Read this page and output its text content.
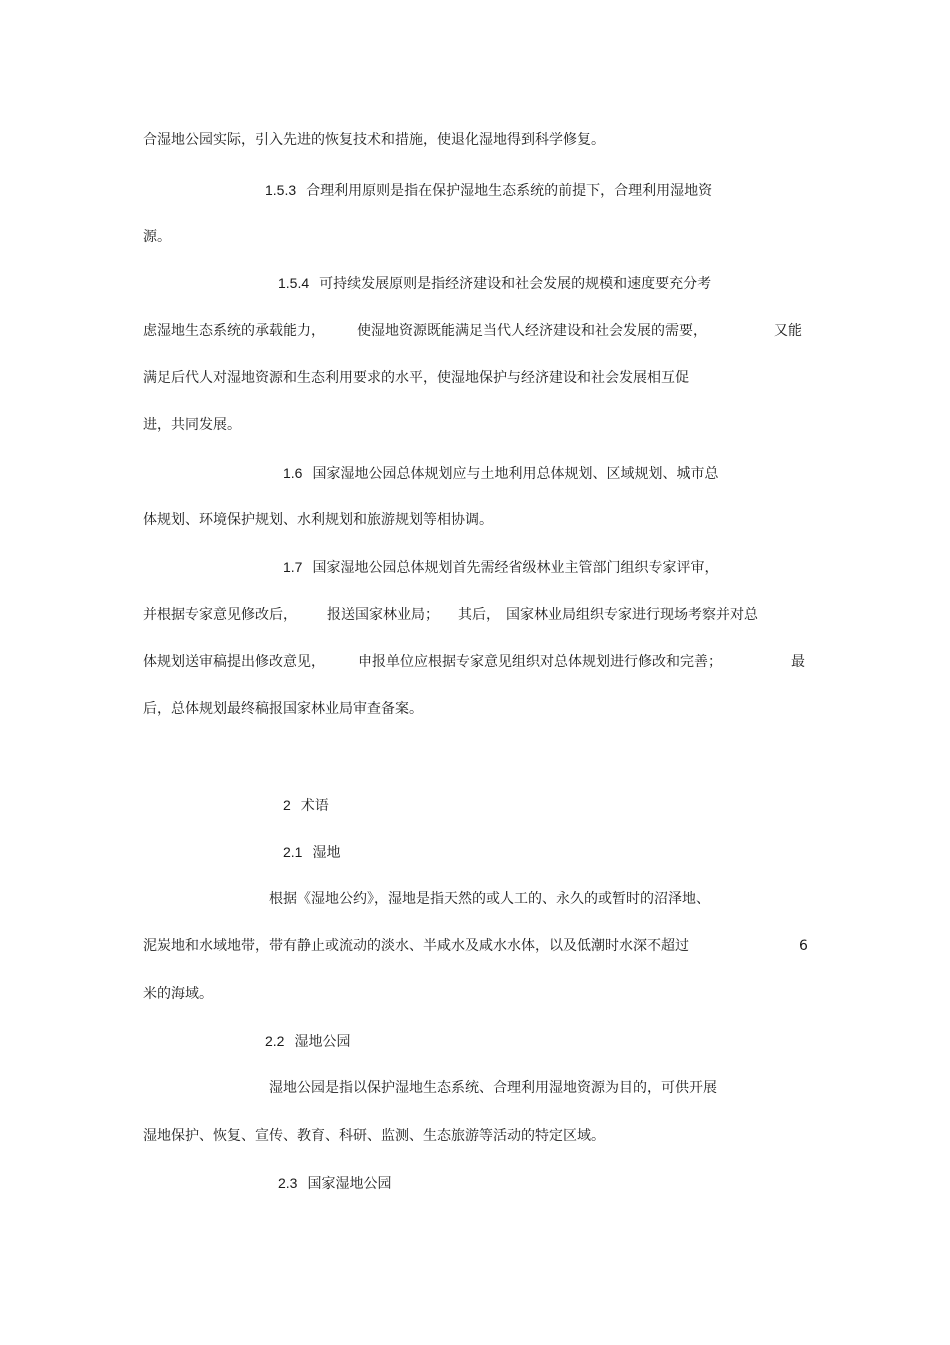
合湿地公园实际，引入先进的恢复技术和措施，使退化湿地得到科学修复。
1.5.3 合理利用原则是指在保护湿地生态系统的前提下，合理利用湿地资
源。
1.5.4 可持续发展原则是指经济建设和社会发展的规模和速度要充分考
虑湿地生态系统的承载能力， 使湿地资源既能满足当代人经济建设和社会发展的需要，	又能
满足后代人对湿地资源和生态利用要求的水平，使湿地保护与经济建设和社会发展相互促
进，共同发展。
1.6 国家湿地公园总体规划应与土地利用总体规划、区域规划、城市总
体规划、环境保护规划、水利规划和旅游规划等相协调。
1.7 国家湿地公园总体规划首先需经省级林业主管部门组织专家评审，
并根据专家意见修改后， 报送国家林业局； 其后， 国家林业局组织专家进行现场考察并对总
体规划送审稿提出修改意见， 申报单位应根据专家意见组织对总体规划进行修改和完善；	最
后，总体规划最终稿报国家林业局审查备案。
2 术语
2.1 湿地
根据《湿地公约》，湿地是指天然的或人工的、永久的或暂时的沼泽地、
泥炭地和水域地带，带有静止或流动的淡水、半咸水及咸水水体，以及低潮时水深不超过	6
米的海域。
2.2 湿地公园
湿地公园是指以保护湿地生态系统、合理利用湿地资源为目的，可供开展
湿地保护、恢复、宣传、教育、科研、监测、生态旅游等活动的特定区域。
2.3 国家湿地公园
